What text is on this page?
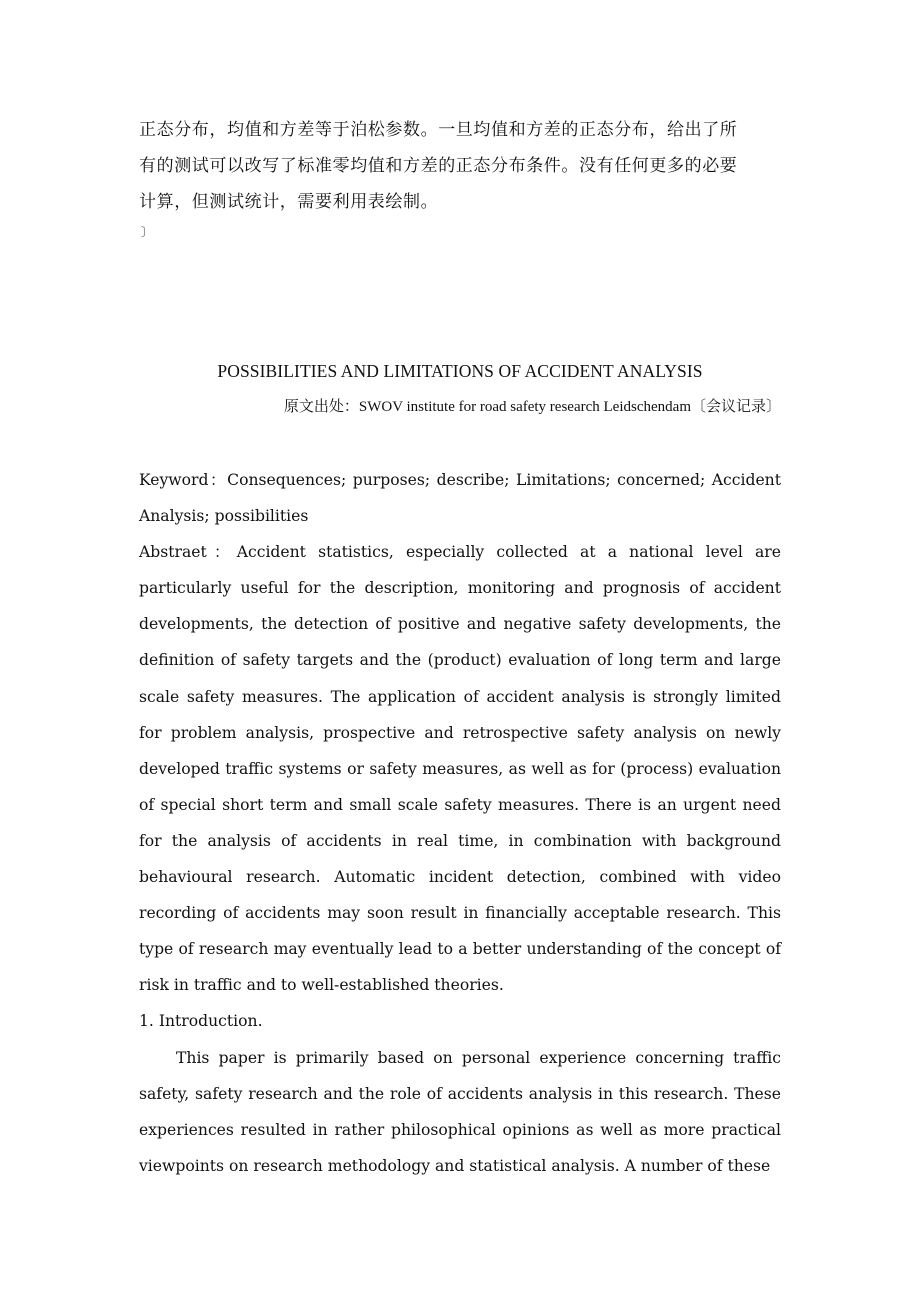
正态分布，均值和方差等于泊松参数。一旦均值和方差的正态分布，给出了所
有的测试可以改写了标准零均值和方差的正态分布条件。没有任何更多的必要
计算，但测试统计，需要利用表绘制。

〕

POSSIBILITIES AND LIMITATIONS OF ACCIDENT ANALYSIS

原文出处：SWOV institute for road safety research Leidschendam〔会议记录〕

Keyword：Consequences; purposes; describe; Limitations; concerned; Accident Analysis; possibilities

Abstraet：Accident statistics, especially collected at a national level are particularly useful for the description, monitoring and prognosis of accident developments, the detection of positive and negative safety developments, the definition of safety targets and the (product) evaluation of long term and large scale safety measures. The application of accident analysis is strongly limited for problem analysis, prospective and retrospective safety analysis on newly developed traffic systems or safety measures, as well as for (process) evaluation of special short term and small scale safety measures. There is an urgent need for the analysis of accidents in real time, in combination with background behavioural research. Automatic incident detection, combined with video recording of accidents may soon result in financially acceptable research. This type of research may eventually lead to a better understanding of the concept of risk in traffic and to well-established theories.

1. Introduction.

This paper is primarily based on personal experience concerning traffic safety, safety research and the role of accidents analysis in this research. These experiences resulted in rather philosophical opinions as well as more practical viewpoints on research methodology and statistical analysis. A number of these
